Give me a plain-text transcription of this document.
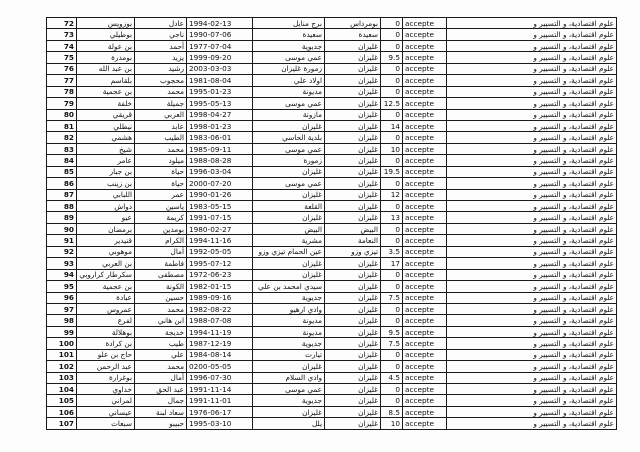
72	بوزويس	عادل	1994-02-13	برج منايل	بومرداس	0	accepte	علوم اقتصادية، و التسيير و
73	بوطيلي	ناجي	1990-07-06	سعيدة	سعيدة	0	accepte	علوم اقتصادية، و التسيير و
74	بن عولة	أحمد	1977-07-04	جديوية	غليزان	0	accepte	علوم اقتصادية، و التسيير و
75	بومدرة	يزيد	1999-09-20	عمي موسى	غليزان	9.5	accepte	علوم اقتصادية، و التسيير و
76	بن عبد الله	رشيد	2003-03-03	زمورة غليزان	غليزان	0	accepte	علوم اقتصادية، و التسيير و
77	بلقاسم	محجوب	1981-08-04	اولاد علي	غليزان	0	accepte	علوم اقتصادية، و التسيير و
78	بن عجمية	محمد	1995-01-23	مديونة	غليزان	0	accepte	علوم اقتصادية، و التسيير و
79	خلفة	جميلة	1995-05-13	عمي موسى	غليزان	12.5	accepte	علوم اقتصادية، و التسيير و
80	قريقي	العربي	1998-04-27	مازونة	غليزان	0	accepte	علوم اقتصادية، و التسيير و
81	نيطلي	عابد	1998-01-23	غليزان	غليزان	14	accepte	علوم اقتصادية، و التسيير و
82	هشمي	الطيب	1983-06-01	بلدية الحاسي	غليزان	0	accepte	علوم اقتصادية، و التسيير و
83	شيخ	محمد	1985-09-11	عمي موسى	غليزان	10	accepte	علوم اقتصادية، و التسيير و
84	عامر	ميلود	1988-08-28	زمورة	غليزان	0	accepte	علوم اقتصادية، و التسيير و
85	بن جبار	حياة	1996-03-04	غليزان	غليزان	19.5	accepte	علوم اقتصادية، و التسيير و
86	بن زينب	حياة	2000-07-20	عمي موسى	غليزان	0	accepte	علوم اقتصادية، و التسيير و
87	اللبابي	عمر	1990-01-26	غليزان	غليزان	12	accepte	علوم اقتصادية، و التسيير و
88	دواش	ياسين	1983-05-15	القلعة	غليزان	0	accepte	علوم اقتصادية، و التسيير و
89	عيو	كريمة	1991-07-15	غليزان	غليزان	13	accepte	علوم اقتصادية، و التسيير و
90	برمضان	بومدين	1980-02-27	البيض	البيض	0	accepte	علوم اقتصادية، و التسيير و
91	قنيدير	الكرام	1994-11-16	مشرية	النعامة	0	accepte	علوم اقتصادية، و التسيير و
92	موهوبي	أمال	1992-05-05	عين الحمام تيزي وزو	تيزي وزو	3.5	accepte	علوم اقتصادية، و التسيير و
93	بن العربي	فاطمة	1995-07-12	غليزان	غليزان	17	accepte	علوم اقتصادية، و التسيير و
94	سكرطار كراروبي	مصطفى	1972-06-23	غليزان	غليزان	0	accepte	علوم اقتصادية، و التسيير و
95	بن عجمية	الكونة	1982-01-15	سيدي امحمد بن علي	غليزان	0	accepte	علوم اقتصادية، و التسيير و
96	عبادة	حسين	1989-09-16	جديوية	غليزان	7.5	accepte	علوم اقتصادية، و التسيير و
97	عمروس	محمد	1982-08-22	وادي ارهيو	غليزان	0	accepte	علوم اقتصادية، و التسيير و
98	لفرع	ابن هاني	1988-07-08	مديونة	غليزان	0	accepte	علوم اقتصادية، و التسيير و
99	بوهلالة	خديجة	1994-11-19	مديونة	غليزان	9.5	accepte	علوم اقتصادية، و التسيير و
100	بن كرادة	طيب	1987-12-19	جديوية	غليزان	7.5	accepte	علوم اقتصادية، و التسيير و
101	حاج بن علو	علي	1984-08-14	تيارت	غليزان	0	accepte	علوم اقتصادية، و التسيير و
102	عبد الرحمن	محمد	0200-05-05	غليزان	غليزان	0	accepte	علوم اقتصادية، و التسيير و
103	بوغرارة	أمال	1996-07-30	وادي السلام	غليزان	4.5	accepte	علوم اقتصادية، و التسيير و
104	خداوي	عبد الحق	1991-11-14	عمي موسى	غليزان	0	accepte	علوم اقتصادية، و التسيير و
105	لمراني	جمال	1991-11-01	جديوية	غليزان	0	accepte	علوم اقتصادية، و التسيير و
106	عيساني	سعاد لبنة	1976-06-17	غليزان	غليزان	8.5	accepte	علوم اقتصادية، و التسيير و
107	سبعات	حبيبو	1995-03-10	يلل	غليزان	10	accepte	علوم اقتصادية، و التسيير و
